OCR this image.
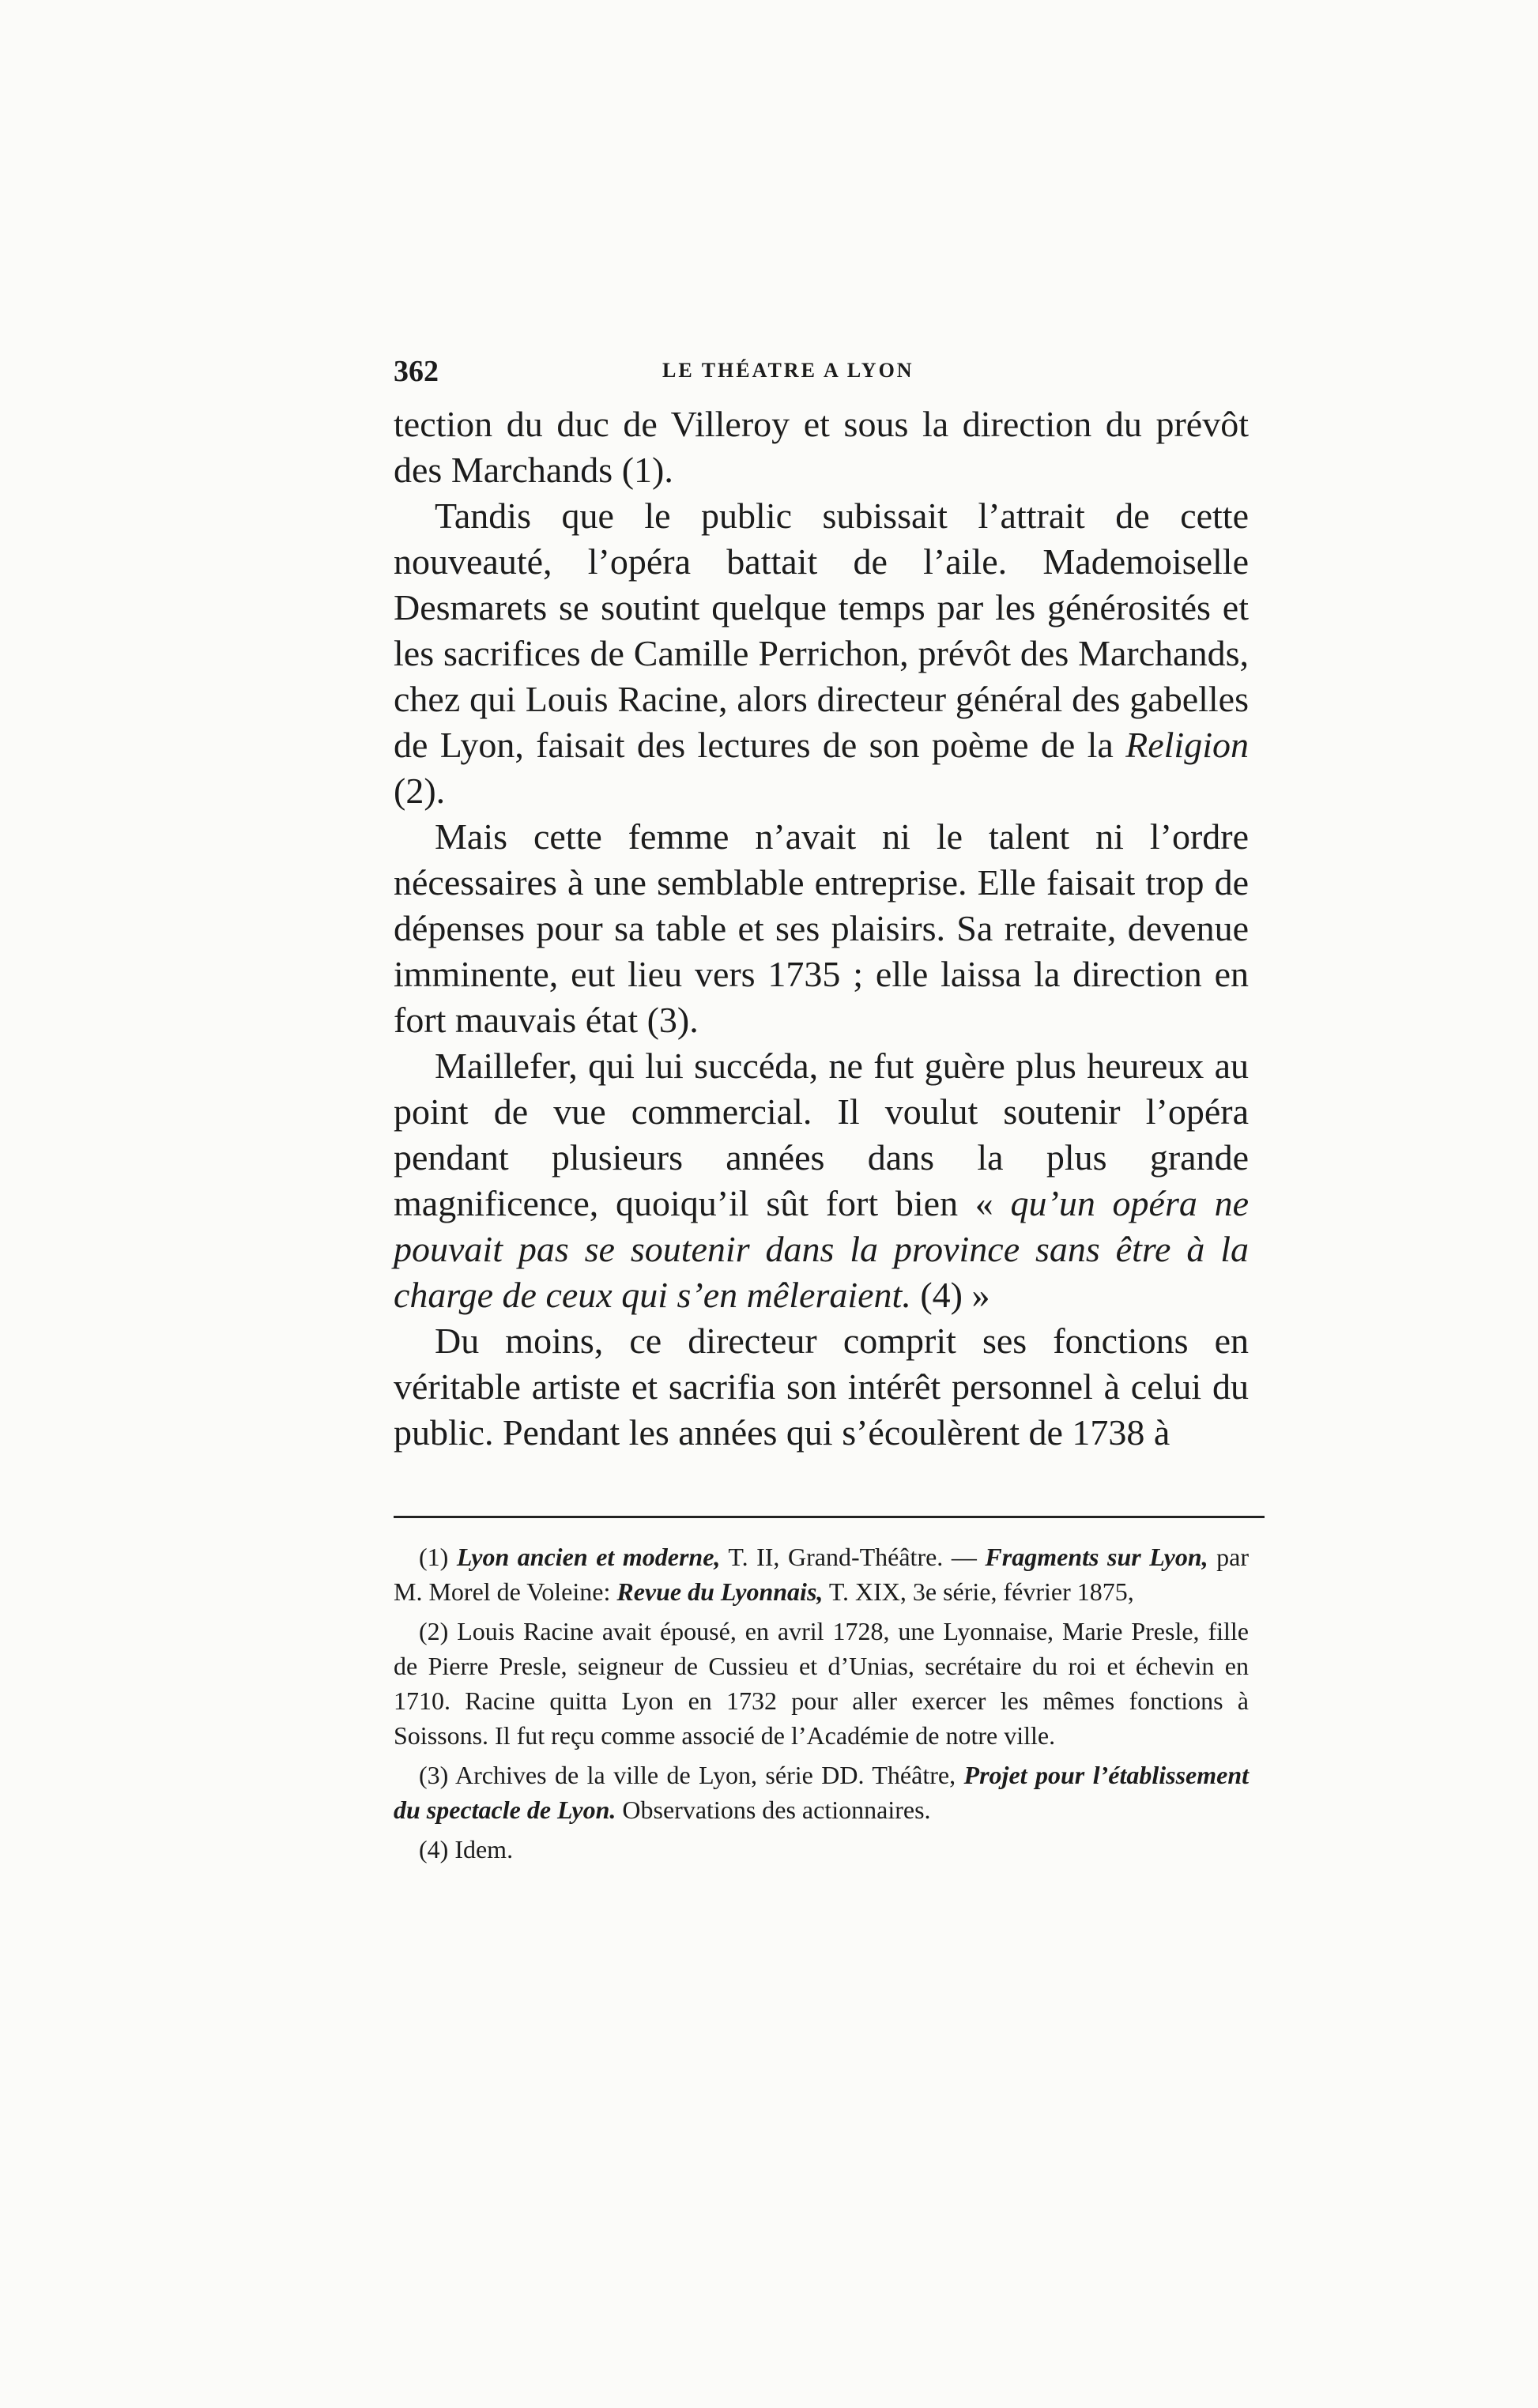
362	LE THÉATRE A LYON

tection du duc de Villeroy et sous la direction du prévôt des Marchands (1).

Tandis que le public subissait l’attrait de cette nouveauté, l’opéra battait de l’aile. Mademoiselle Desmarets se soutint quelque temps par les générosités et les sacrifices de Camille Perrichon, prévôt des Marchands, chez qui Louis Racine, alors directeur général des gabelles de Lyon, faisait des lectures de son poème de la Religion (2).

Mais cette femme n’avait ni le talent ni l’ordre nécessaires à une semblable entreprise. Elle faisait trop de dépenses pour sa table et ses plaisirs. Sa retraite, devenue imminente, eut lieu vers 1735 ; elle laissa la direction en fort mauvais état (3).

Maillefer, qui lui succéda, ne fut guère plus heureux au point de vue commercial. Il voulut soutenir l’opéra pendant plusieurs années dans la plus grande magnificence, quoiqu’il sût fort bien « qu’un opéra ne pouvait pas se soutenir dans la province sans être à la charge de ceux qui s’en mêleraient. (4) »

Du moins, ce directeur comprit ses fonctions en véritable artiste et sacrifia son intérêt personnel à celui du public. Pendant les années qui s’écoulèrent de 1738 à

(1) Lyon ancien et moderne, T. II, Grand-Théâtre. — Fragments sur Lyon, par M. Morel de Voleine: Revue du Lyonnais, T. XIX, 3e série, février 1875,

(2) Louis Racine avait épousé, en avril 1728, une Lyonnaise, Marie Presle, fille de Pierre Presle, seigneur de Cussieu et d’Unias, secrétaire du roi et échevin en 1710. Racine quitta Lyon en 1732 pour aller exercer les mêmes fonctions à Soissons. Il fut reçu comme associé de l’Académie de notre ville.

(3) Archives de la ville de Lyon, série DD. Théâtre, Projet pour l’établissement du spectacle de Lyon. Observations des actionnaires.

(4) Idem.
